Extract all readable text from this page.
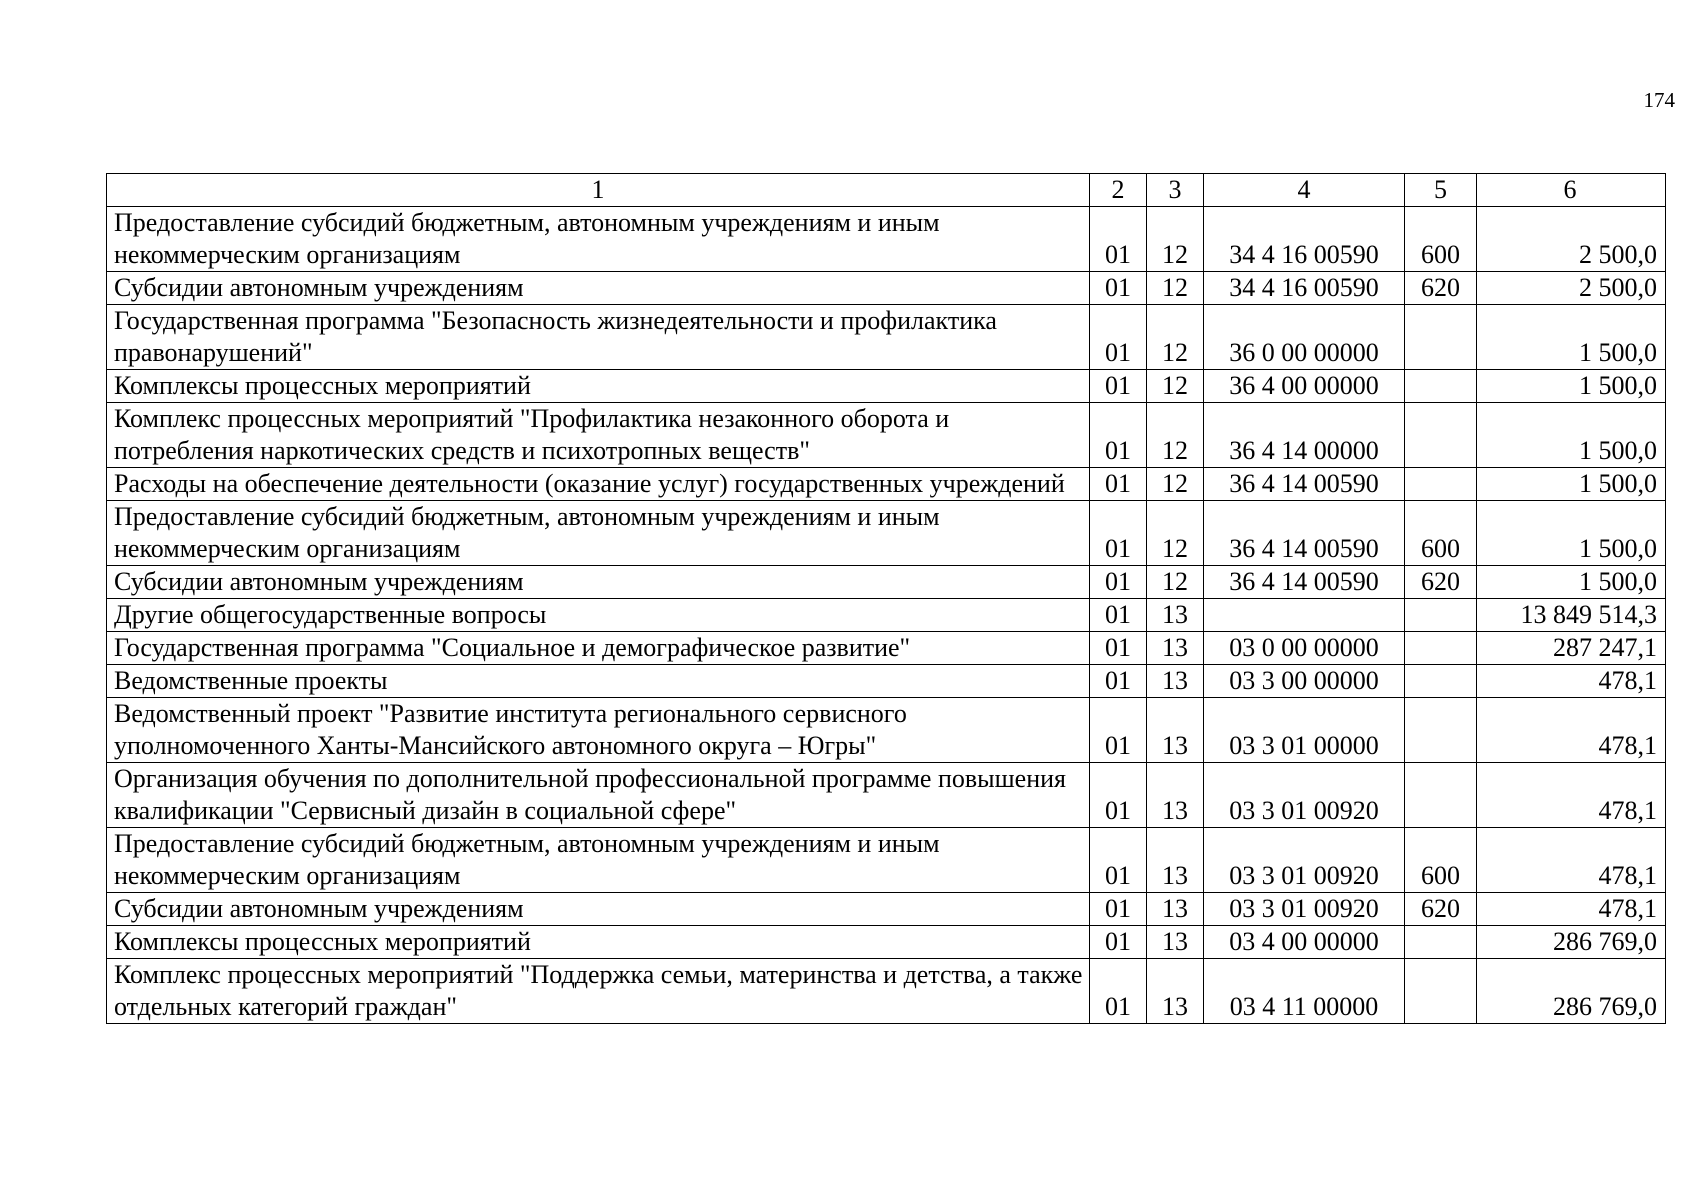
174
1	2	3	4	5	6
Предоставление субсидий бюджетным, автономным учреждениям и иным некоммерческим организациям	01	12	34 4 16 00590	600	2 500,0
Субсидии автономным учреждениям	01	12	34 4 16 00590	620	2 500,0
Государственная программа "Безопасность жизнедеятельности и профилактика правонарушений"	01	12	36 0 00 00000		1 500,0
Комплексы процессных мероприятий	01	12	36 4 00 00000		1 500,0
Комплекс процессных мероприятий "Профилактика незаконного оборота и потребления наркотических средств и психотропных веществ"	01	12	36 4 14 00000		1 500,0
Расходы на обеспечение деятельности (оказание услуг) государственных учреждений	01	12	36 4 14 00590		1 500,0
Предоставление субсидий бюджетным, автономным учреждениям и иным некоммерческим организациям	01	12	36 4 14 00590	600	1 500,0
Субсидии автономным учреждениям	01	12	36 4 14 00590	620	1 500,0
Другие общегосударственные вопросы	01	13			13 849 514,3
Государственная программа "Социальное и демографическое развитие"	01	13	03 0 00 00000		287 247,1
Ведомственные проекты	01	13	03 3 00 00000		478,1
Ведомственный проект "Развитие института регионального сервисного уполномоченного Ханты-Мансийского автономного округа – Югры"	01	13	03 3 01 00000		478,1
Организация обучения по дополнительной профессиональной программе повышения квалификации "Сервисный дизайн в социальной сфере"	01	13	03 3 01 00920		478,1
Предоставление субсидий бюджетным, автономным учреждениям и иным некоммерческим организациям	01	13	03 3 01 00920	600	478,1
Субсидии автономным учреждениям	01	13	03 3 01 00920	620	478,1
Комплексы процессных мероприятий	01	13	03 4 00 00000		286 769,0
Комплекс процессных мероприятий "Поддержка семьи, материнства и детства, а также отдельных категорий граждан"	01	13	03 4 11 00000		286 769,0
